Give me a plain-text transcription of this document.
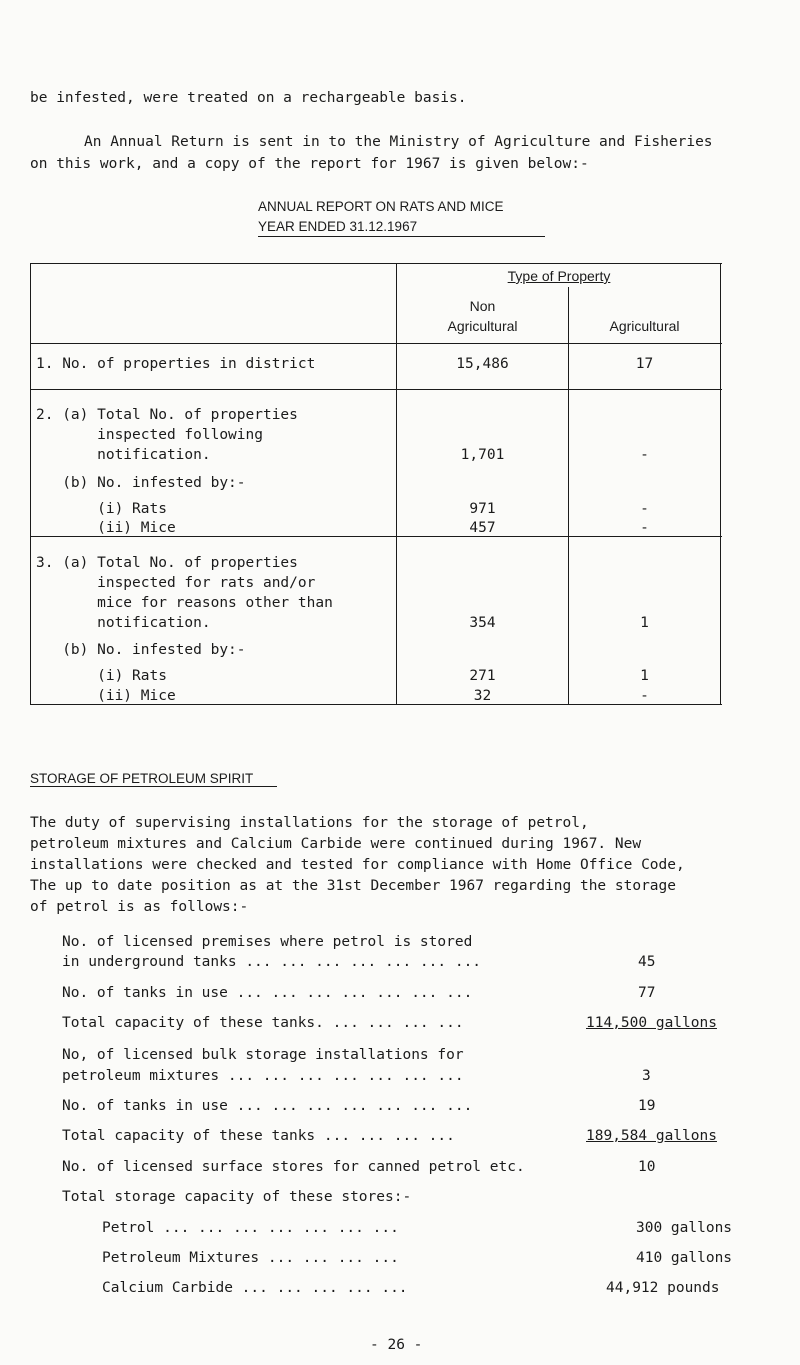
be infested, were treated on a rechargeable basis.
An Annual Return is sent in to the Ministry of Agriculture and Fisheries
on this work, and a copy of the report for 1967 is given below:-
ANNUAL REPORT ON RATS AND MICE
YEAR ENDED 31.12.1967
Type of Property
Non
Agricultural	Agricultural
1. No. of properties in district	15,486	17
2. (a) Total No. of properties
inspected following
notification.	1,701	-
(b) No. infested by:-
(i) Rats	971	-
(ii) Mice	457	-
3. (a) Total No. of properties
inspected for rats and/or
mice for reasons other than
notification.	354	1
(b) No. infested by:-
(i) Rats	271	1
(ii) Mice	32	-
STORAGE OF PETROLEUM SPIRIT
The duty of supervising installations for the storage of petrol,
petroleum mixtures and Calcium Carbide were continued during 1967. New
installations were checked and tested for compliance with Home Office Code,
The up to date position as at the 31st December 1967 regarding the storage
of petrol is as follows:-
No. of licensed premises where petrol is stored
in underground tanks ... ... ... ... ... ... ...	45
No. of tanks in use ... ... ... ... ... ... ...	77
Total capacity of these tanks. ... ... ... ...	114,500 gallons
No, of licensed bulk storage installations for
petroleum mixtures ... ... ... ... ... ... ...	3
No. of tanks in use ... ... ... ... ... ... ...	19
Total capacity of these tanks ... ... ... ...	189,584 gallons
No. of licensed surface stores for canned petrol etc.	10
Total storage capacity of these stores:-
Petrol ... ... ... ... ... ... ...	300 gallons
Petroleum Mixtures ... ... ... ...	410 gallons
Calcium Carbide ... ... ... ... ...	44,912 pounds
- 26 -
